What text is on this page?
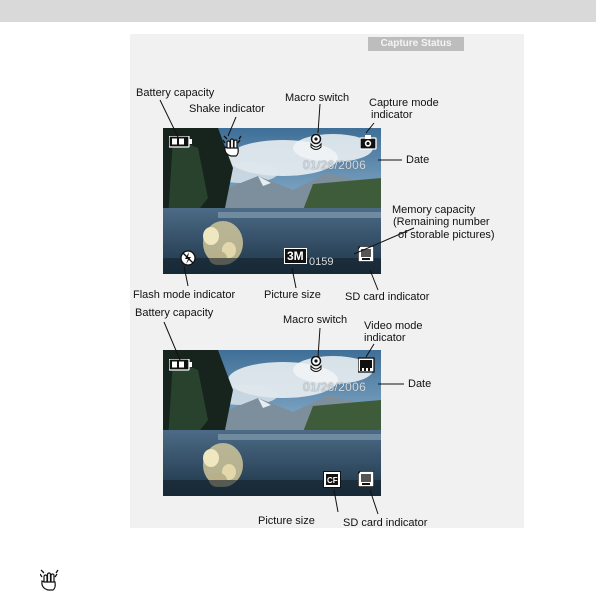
Capture Status
01/26/2006
3M 0159
01/26/2006
CF
Battery capacity
Shake indicator
Macro switch Capture mode
indicator
Date
Memory capacity
(Remaining number
of storable pictures)
Flash mode indicator	Picture size SD card indicator
Battery capacity
Macro switch Video mode
indicator
Date
Picture size	SD card indicator
